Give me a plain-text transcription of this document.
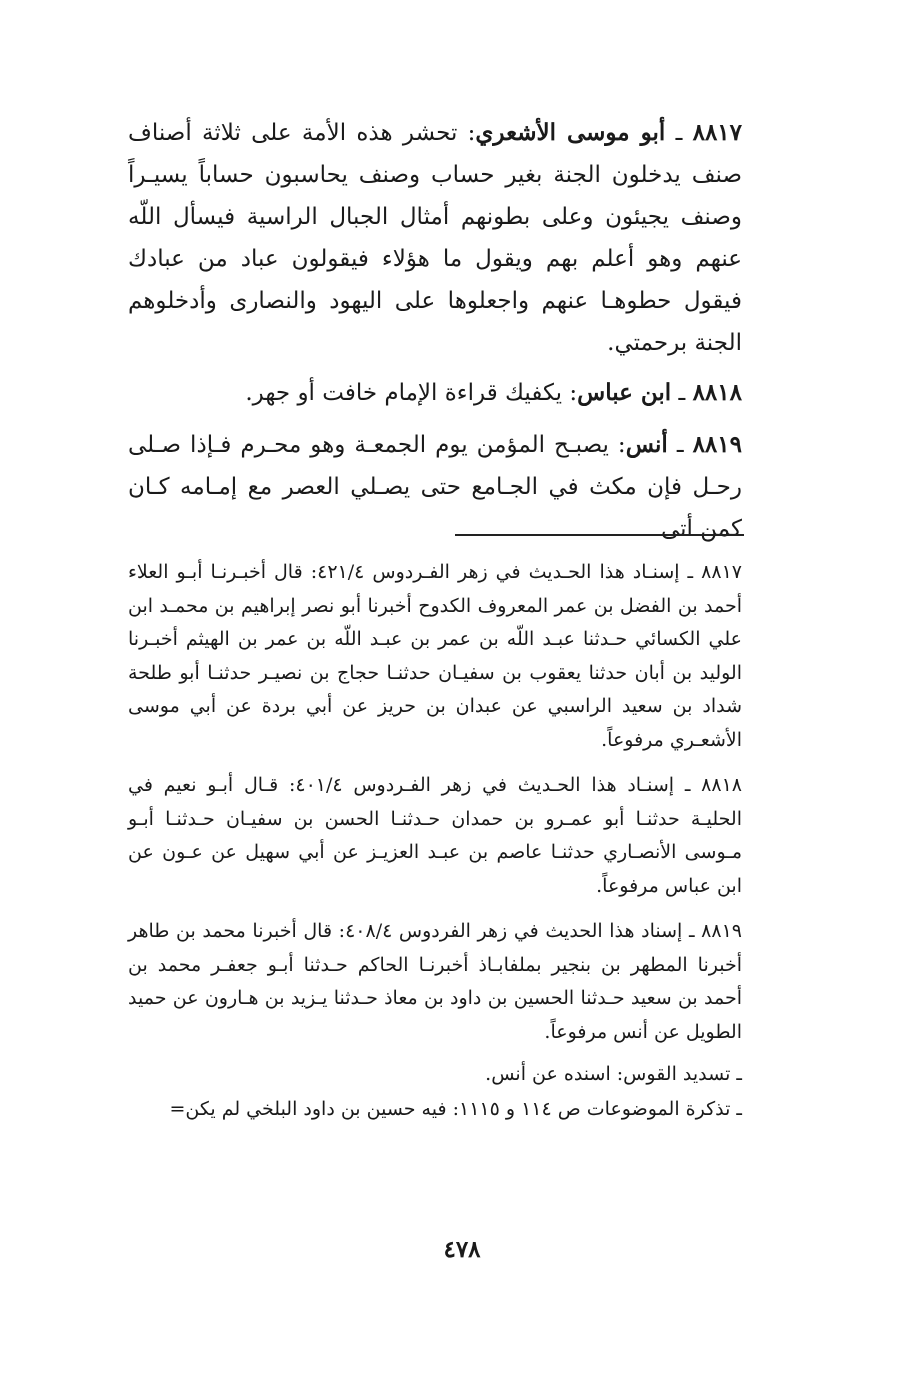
٨٨١٧ ـ أبو موسى الأشعري: تحشر هذه الأمة على ثلاثة أصناف صنف يدخلون الجنة بغير حساب وصنف يحاسبون حساباً يسيـراً وصنف يجيئون وعلى بطونهم أمثال الجبال الراسية فيسأل اللّه عنهم وهو أعلم بهم ويقول ما هؤلاء فيقولون عباد من عبادك فيقول حطوهـا عنهم واجعلوها على اليهود والنصارى وأدخلوهم الجنة برحمتي.

٨٨١٨ ـ ابن عباس: يكفيك قراءة الإمام خافت أو جهر.

٨٨١٩ ـ أنس: يصبـح المؤمن يوم الجمعـة وهو محـرم فـإذا صـلى رحـل فإن مكث في الجـامع حتى يصـلي العصر مع إمـامه كـان كمن أتى

٨٨١٧ ـ إسنـاد هذا الحـديث في زهر الفـردوس ٤٢١/٤: قال أخبـرنـا أبـو العلاء أحمد بن الفضل بن عمر المعروف الكدوح أخبرنا أبو نصر إبراهيم بن محمـد ابن علي الكسائي حـدثنا عبـد اللّه بن عمر بن عبـد اللّه بن عمر بن الهيثم أخبـرنا الوليد بن أبان حدثنا يعقوب بن سفيـان حدثنـا حجاج بن نصيـر حدثنـا أبو طلحة شداد بن سعيد الراسبي عن عبدان بن حريز عن أبي بردة عن أبي موسى الأشعـري مرفوعاً.

٨٨١٨ ـ إسنـاد هذا الحـديث في زهر الفـردوس ٤٠١/٤: قـال أبـو نعيم في الحليـة حدثنـا أبو عمـرو بن حمدان حـدثنـا الحسن بن سفيـان حـدثنـا أبـو مـوسى الأنصـاري حدثنـا عاصم بن عبـد العزيـز عن أبي سهيل عن عـون عن ابن عباس مرفوعاً.

٨٨١٩ ـ إسناد هذا الحديث في زهر الفردوس ٤٠٨/٤: قال أخبرنا محمد بن طاهر أخبرنا المطهر بن بنجير بملفابـاذ أخبرنـا الحاكم حـدثنا أبـو جعفـر محمد بن أحمد بن سعيد حـدثنا الحسين بن داود بن معاذ حـدثنا يـزيد بن هـارون عن حميد الطويل عن أنس مرفوعاً.

ـ تسديد القوس: اسنده عن أنس.

ـ تذكرة الموضوعات ص ١١٤ و ١١١٥: فيه حسين بن داود البلخي لم يكن=

٤٧٨
